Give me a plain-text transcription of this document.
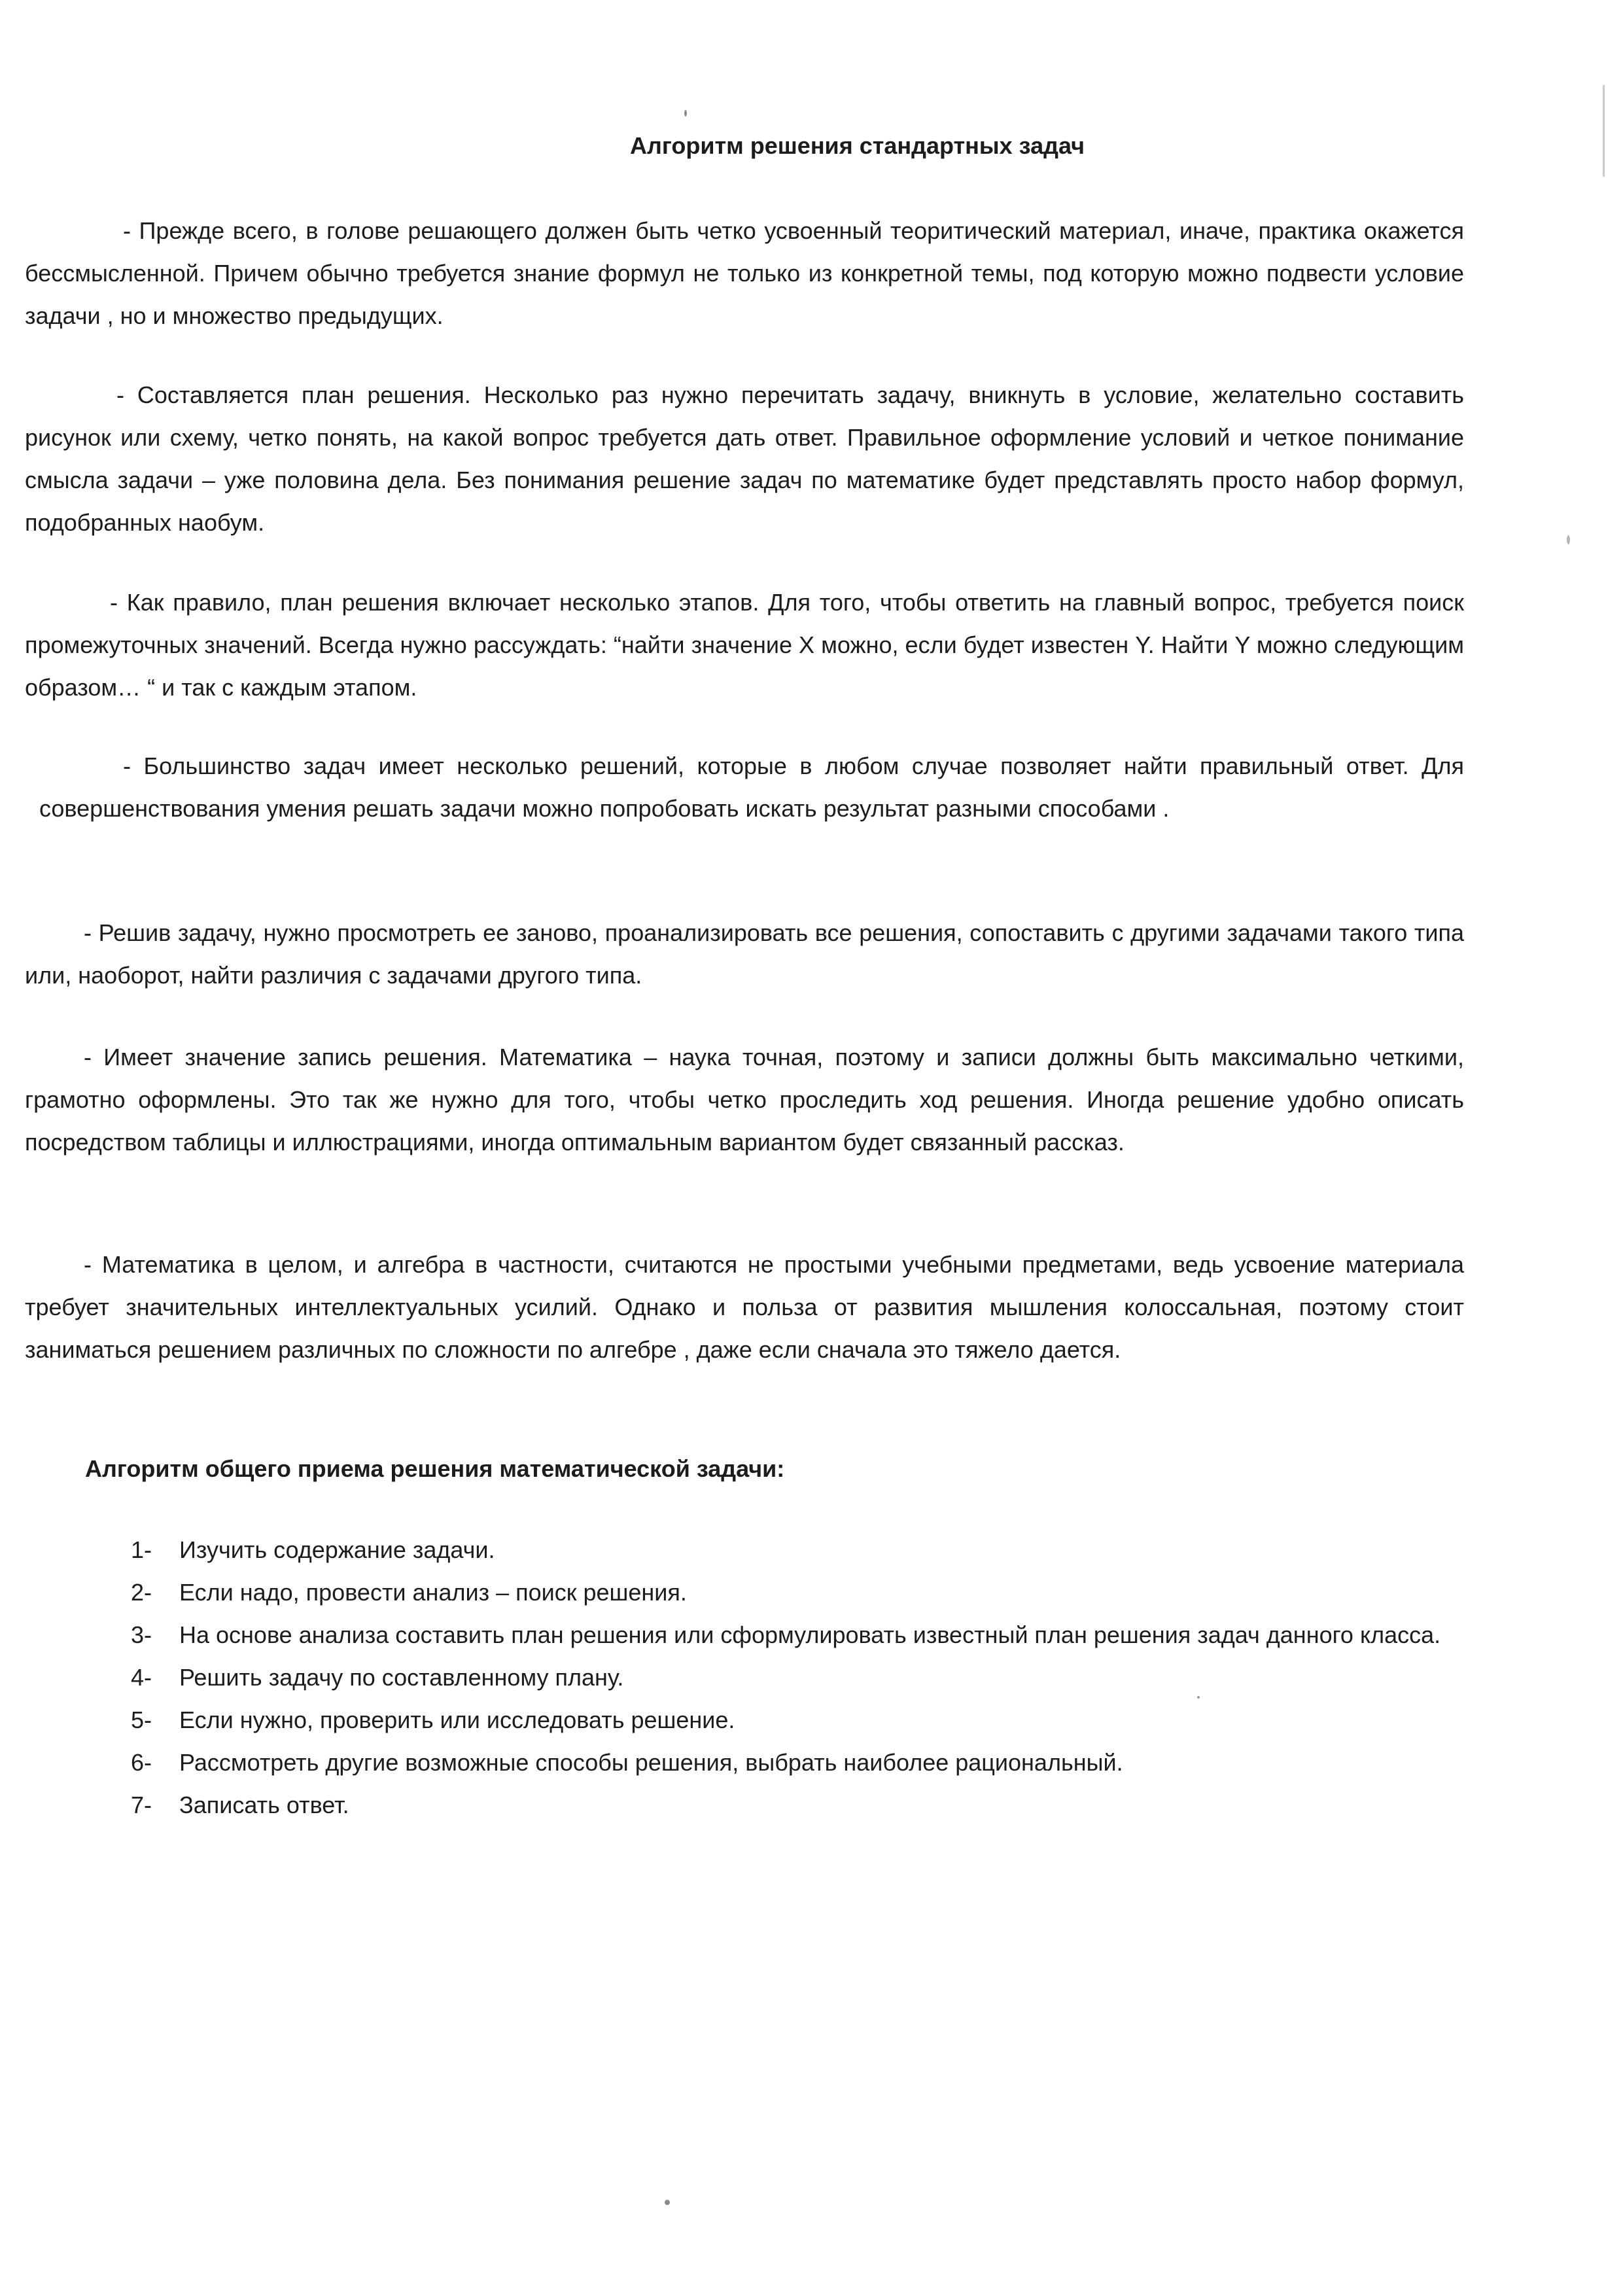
Алгоритм решения стандартных задач

- Прежде всего, в голове решающего должен быть четко усвоенный теоритический материал, иначе, практика окажется бессмысленной. Причем обычно требуется знание формул не только из конкретной темы, под которую можно подвести условие задачи , но и множество предыдущих.

- Составляется план решения. Несколько раз нужно перечитать задачу, вникнуть в условие, желательно составить рисунок или схему, четко понять, на какой вопрос требуется дать ответ. Правильное оформление условий и четкое понимание смысла задачи – уже половина дела. Без понимания решение задач по математике будет представлять просто набор формул, подобранных наобум.

- Как правило, план решения включает несколько этапов. Для того, чтобы ответить на главный вопрос, требуется поиск промежуточных значений. Всегда нужно рассуждать: “найти значение X можно, если будет известен Y. Найти Y можно следующим образом… “ и так с каждым этапом.

- Большинство задач имеет несколько решений, которые в любом случае позволяет найти правильный ответ. Для совершенствования умения решать задачи можно попробовать искать результат разными способами .

- Решив задачу, нужно просмотреть ее заново, проанализировать все решения, сопоставить с другими задачами такого типа или, наоборот, найти различия с задачами другого типа.

- Имеет значение запись решения. Математика – наука точная, поэтому и записи должны быть максимально четкими, грамотно оформлены. Это так же нужно для того, чтобы четко проследить ход решения. Иногда решение удобно описать посредством таблицы и иллюстрациями, иногда оптимальным вариантом будет связанный рассказ.

- Математика в целом, и алгебра в частности, считаются не простыми учебными предметами, ведь усвоение материала требует значительных интеллектуальных усилий. Однако и польза от развития мышления колоссальная, поэтому стоит заниматься решением различных по сложности по алгебре , даже если сначала это тяжело дается.

Алгоритм общего приема решения математической задачи:
1- Изучить содержание задачи.
2- Если надо, провести анализ – поиск решения.
3- На основе анализа составить план решения или сформулировать известный план решения задач данного класса.
4- Решить задачу по составленному плану.
5- Если нужно, проверить или исследовать решение.
6- Рассмотреть другие возможные способы решения, выбрать наиболее рациональный.
7- Записать ответ.
